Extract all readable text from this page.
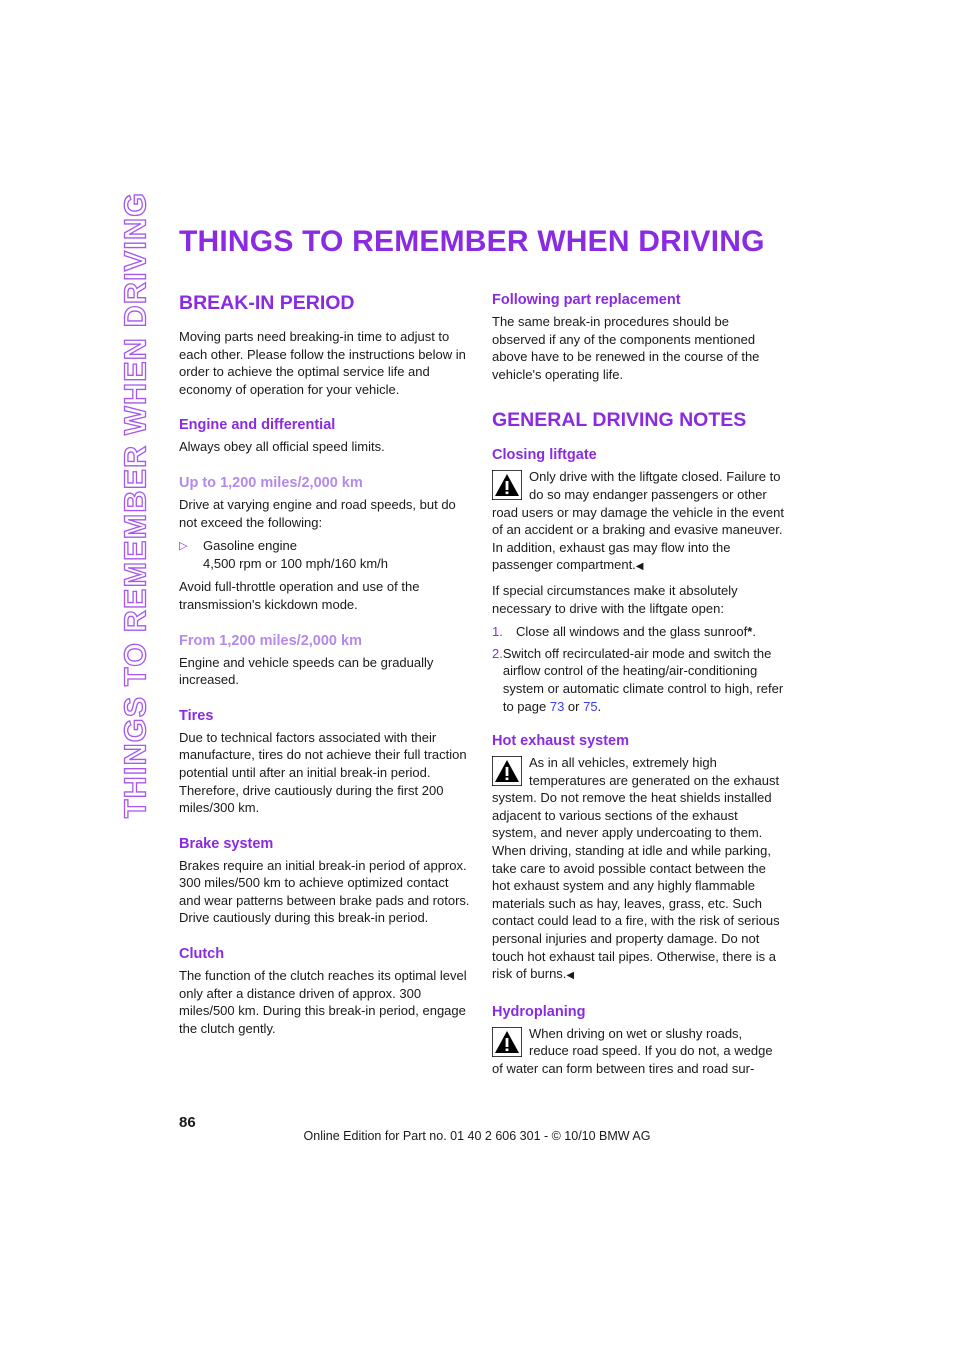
THINGS TO REMEMBER WHEN DRIVING THINGS TO REMEMBER WHEN DRIVING
BREAK-IN PERIOD

Moving parts need breaking-in time to adjust to each other. Please follow the instructions below in order to achieve the optimal service life and economy of operation for your vehicle.

Engine and differential

Always obey all official speed limits.

Up to 1,200 miles/2,000 km

Drive at varying engine and road speeds, but do not exceed the following:

▷	Gasoline engine
4,500 rpm or 100 mph/160 km/h

Avoid full-throttle operation and use of the transmission's kickdown mode.

From 1,200 miles/2,000 km

Engine and vehicle speeds can be gradually increased.

Tires

Due to technical factors associated with their manufacture, tires do not achieve their full traction potential until after an initial break-in period. Therefore, drive cautiously during the first 200 miles/300 km.

Brake system

Brakes require an initial break-in period of approx. 300 miles/500 km to achieve optimized contact and wear patterns between brake pads and rotors. Drive cautiously during this break-in period.

Clutch

The function of the clutch reaches its optimal level only after a distance driven of approx. 300 miles/500 km. During this break-in period, engage the clutch gently.

Following part replacement

The same break-in procedures should be observed if any of the components mentioned above have to be renewed in the course of the vehicle's operating life.

GENERAL DRIVING NOTES
Closing liftgate

Only drive with the liftgate closed. Failure to do so may endanger passengers or other road users or may damage the vehicle in the event of an accident or a braking and evasive maneuver. In addition, exhaust gas may flow into the passenger compartment.◀

If special circumstances make it absolutely necessary to drive with the liftgate open:

1.	Close all windows and the glass sunroof*.
2. Switch off recirculated-air mode and switch the airflow control of the heating/air-conditioning system or automatic climate control to high, refer to page 73 or 75.
Hot exhaust system

As in all vehicles, extremely high temperatures are generated on the exhaust system. Do not remove the heat shields installed adjacent to various sections of the exhaust system, and never apply undercoating to them. When driving, standing at idle and while parking, take care to avoid possible contact between the hot exhaust system and any highly flammable materials such as hay, leaves, grass, etc. Such contact could lead to a fire, with the risk of serious personal injuries and property damage. Do not touch hot exhaust tail pipes. Otherwise, there is a risk of burns.◀

Hydroplaning

When driving on wet or slushy roads, reduce road speed. If you do not, a wedge of water can form between tires and road sur-

86
Online Edition for Part no. 01 40 2 606 301 - © 10/10 BMW AG
